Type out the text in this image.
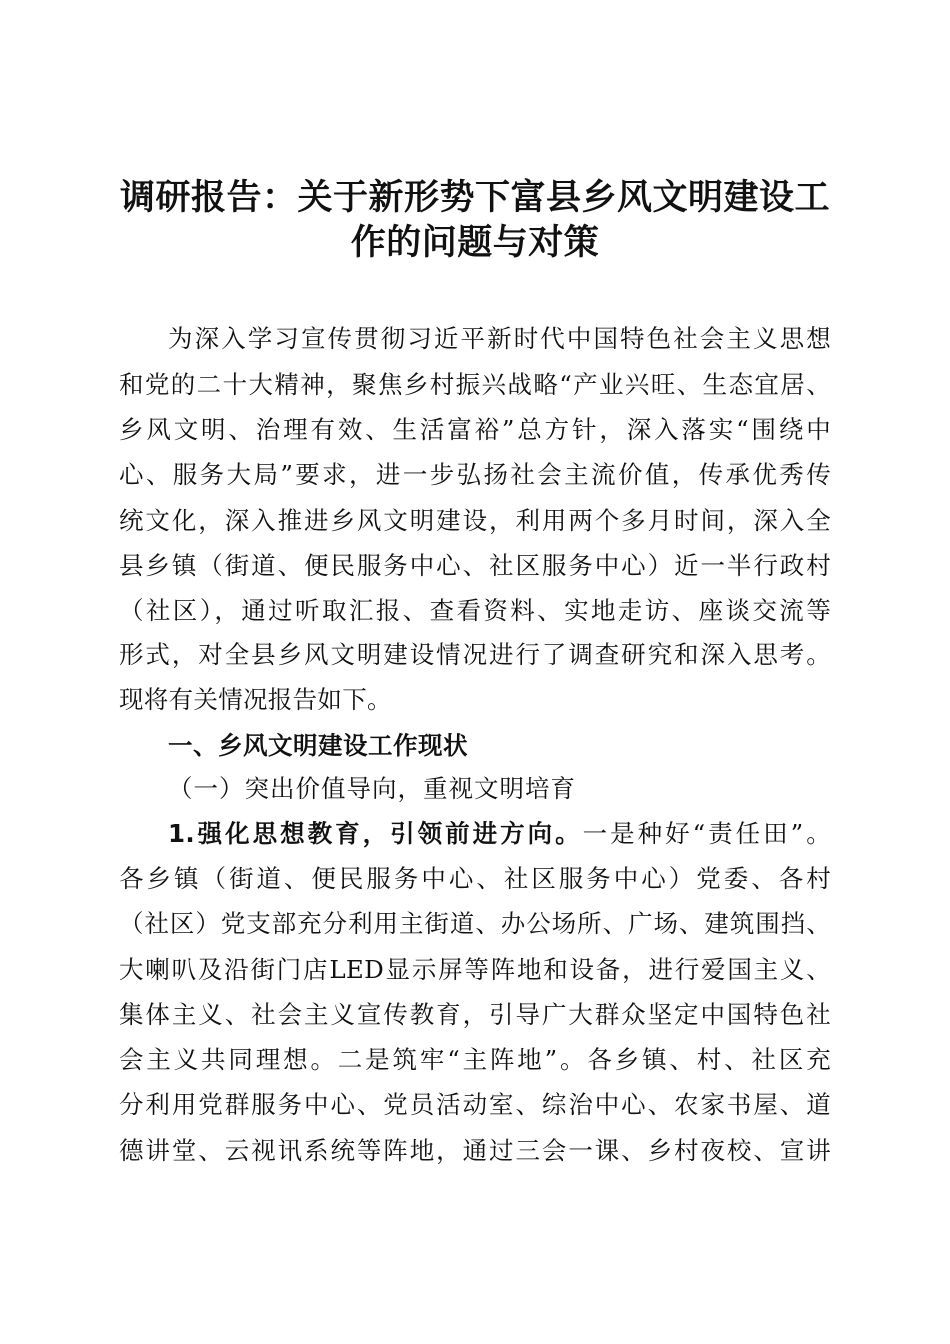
调研报告：关于新形势下富县乡风文明建设工
作的问题与对策
为深入学习宣传贯彻习近平新时代中国特色社会主义思想
和党的二十大精神，聚焦乡村振兴战略“产业兴旺、生态宜居、
乡风文明、治理有效、生活富裕”总方针，深入落实“围绕中
心、服务大局”要求，进一步弘扬社会主流价值，传承优秀传
统文化，深入推进乡风文明建设，利用两个多月时间，深入全
县乡镇（街道、便民服务中心、社区服务中心）近一半行政村
（社区），通过听取汇报、查看资料、实地走访、座谈交流等
形式，对全县乡风文明建设情况进行了调查研究和深入思考。
现将有关情况报告如下。
一、乡风文明建设工作现状
（一）突出价值导向，重视文明培育
1.强化思想教育，引领前进方向。一是种好“责任田”。
各乡镇（街道、便民服务中心、社区服务中心）党委、各村
（社区）党支部充分利用主街道、办公场所、广场、建筑围挡、
大喇叭及沿街门店LED显示屏等阵地和设备，进行爱国主义、
集体主义、社会主义宣传教育，引导广大群众坚定中国特色社
会主义共同理想。二是筑牢“主阵地”。各乡镇、村、社区充
分利用党群服务中心、党员活动室、综治中心、农家书屋、道
德讲堂、云视讯系统等阵地，通过三会一课、乡村夜校、宣讲
